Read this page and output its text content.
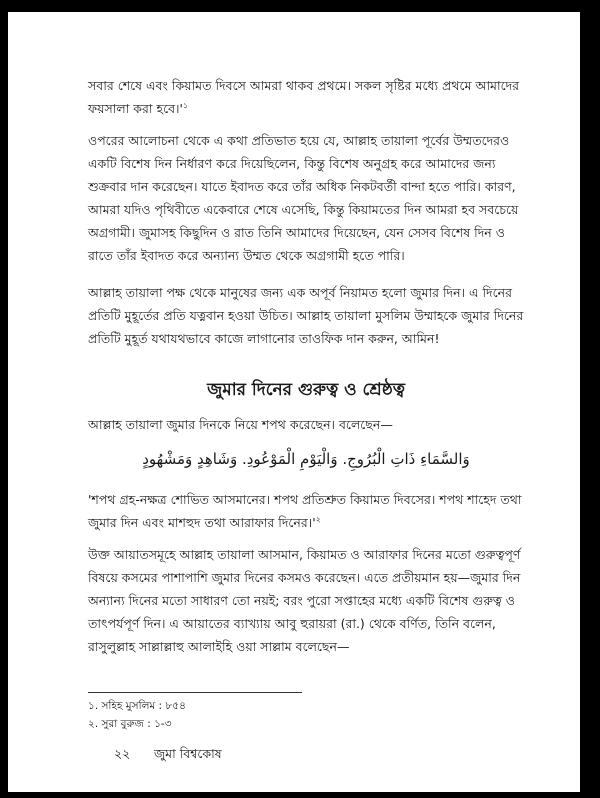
সবার শেষে এবং কিয়ামত দিবসে আমরা থাকব প্রথমে। সকল সৃষ্টির মধ্যে প্রথমে আমাদের ফয়সালা করা $হবে।'^১$

ওপরের আলোচনা থেকে এ কথা প্রতিভাত হয়ে যে, আল্লাহ তায়ালা পূর্বের উম্মতদেরও একটি বিশেষ দিন নির্ধারণ করে দিয়েছিলেন, কিন্তু বিশেষ অনুগ্রহ করে আমাদের জন্য শুক্রবার দান করেছেন। যাতে ইবাদত করে তাঁর অধিক নিকটবর্তী বান্দা হতে পারি। কারণ, আমরা যদিও পৃথিবীতে একেবারে শেষে এসেছি, কিন্তু কিয়ামতের দিন আমরা হব সবচেয়ে অগ্রগামী। জুমাসহ কিছুদিন ও রাত তিনি আমাদের দিয়েছেন, যেন সেসব বিশেষ দিন ও রাতে তাঁর ইবাদত করে অন্যান্য উম্মত থেকে অগ্রগামী হতে পারি।

আল্লাহ তায়ালা পক্ষ থেকে মানুষের জন্য এক অপূর্ব নিয়ামত হলো জুমার দিন। এ দিনের প্রতিটি মুহূর্তের প্রতি যত্নবান হওয়া উচিত। আল্লাহ তায়ালা মুসলিম উম্মাহকে জুমার দিনের প্রতিটি মুহূর্ত যথাযথভাবে কাজে লাগানোর তাওফিক দান করুন, আমিন!

জুমার দিনের গুরুত্ব ও শ্রেষ্ঠত্ব

আল্লাহ তায়ালা জুমার দিনকে নিয়ে শপথ করেছেন। বলেছেন—

وَالسَّمَاءِ ذَاتِ الْبُرُوجِ. وَالْيَوْمِ الْمَوْعُودِ. وَشَاهِدٍ وَمَشْهُودٍ

'শপথ গ্রহ-নক্ষত্র শোভিত আসমানের। শপথ প্রতিশ্রুত কিয়ামত দিবসের। শপথ শাহেদ তথা জুমার দিন এবং মাশহুদ তথা আরাফার $দিনের।'^২$

উক্ত আয়াতসমূহে আল্লাহ তায়ালা আসমান, কিয়ামত ও আরাফার দিনের মতো গুরুত্বপূর্ণ বিষয়ে কসমের পাশাপাশি জুমার দিনের কসমও করেছেন। এতে প্রতীয়মান হয়—জুমার দিন অন্যান্য দিনের মতো সাধারণ তো নয়ই; বরং পুরো সপ্তাহের মধ্যে একটি বিশেষ গুরুত্ব ও তাৎপর্যপূর্ণ দিন। এ আয়াতের ব্যাখ্যায় আবু হুরায়রা (রা.) থেকে বর্ণিত, তিনি বলেন, রাসুলুল্লাহ সাল্লাল্লাহু আলাইহি ওয়া সাল্লাম বলেছেন—

১. সহিহ মুসলিম : ৮৫৪

২. সুরা বুরুজ : ১-৩

২২ জুমা বিশ্বকোষ
